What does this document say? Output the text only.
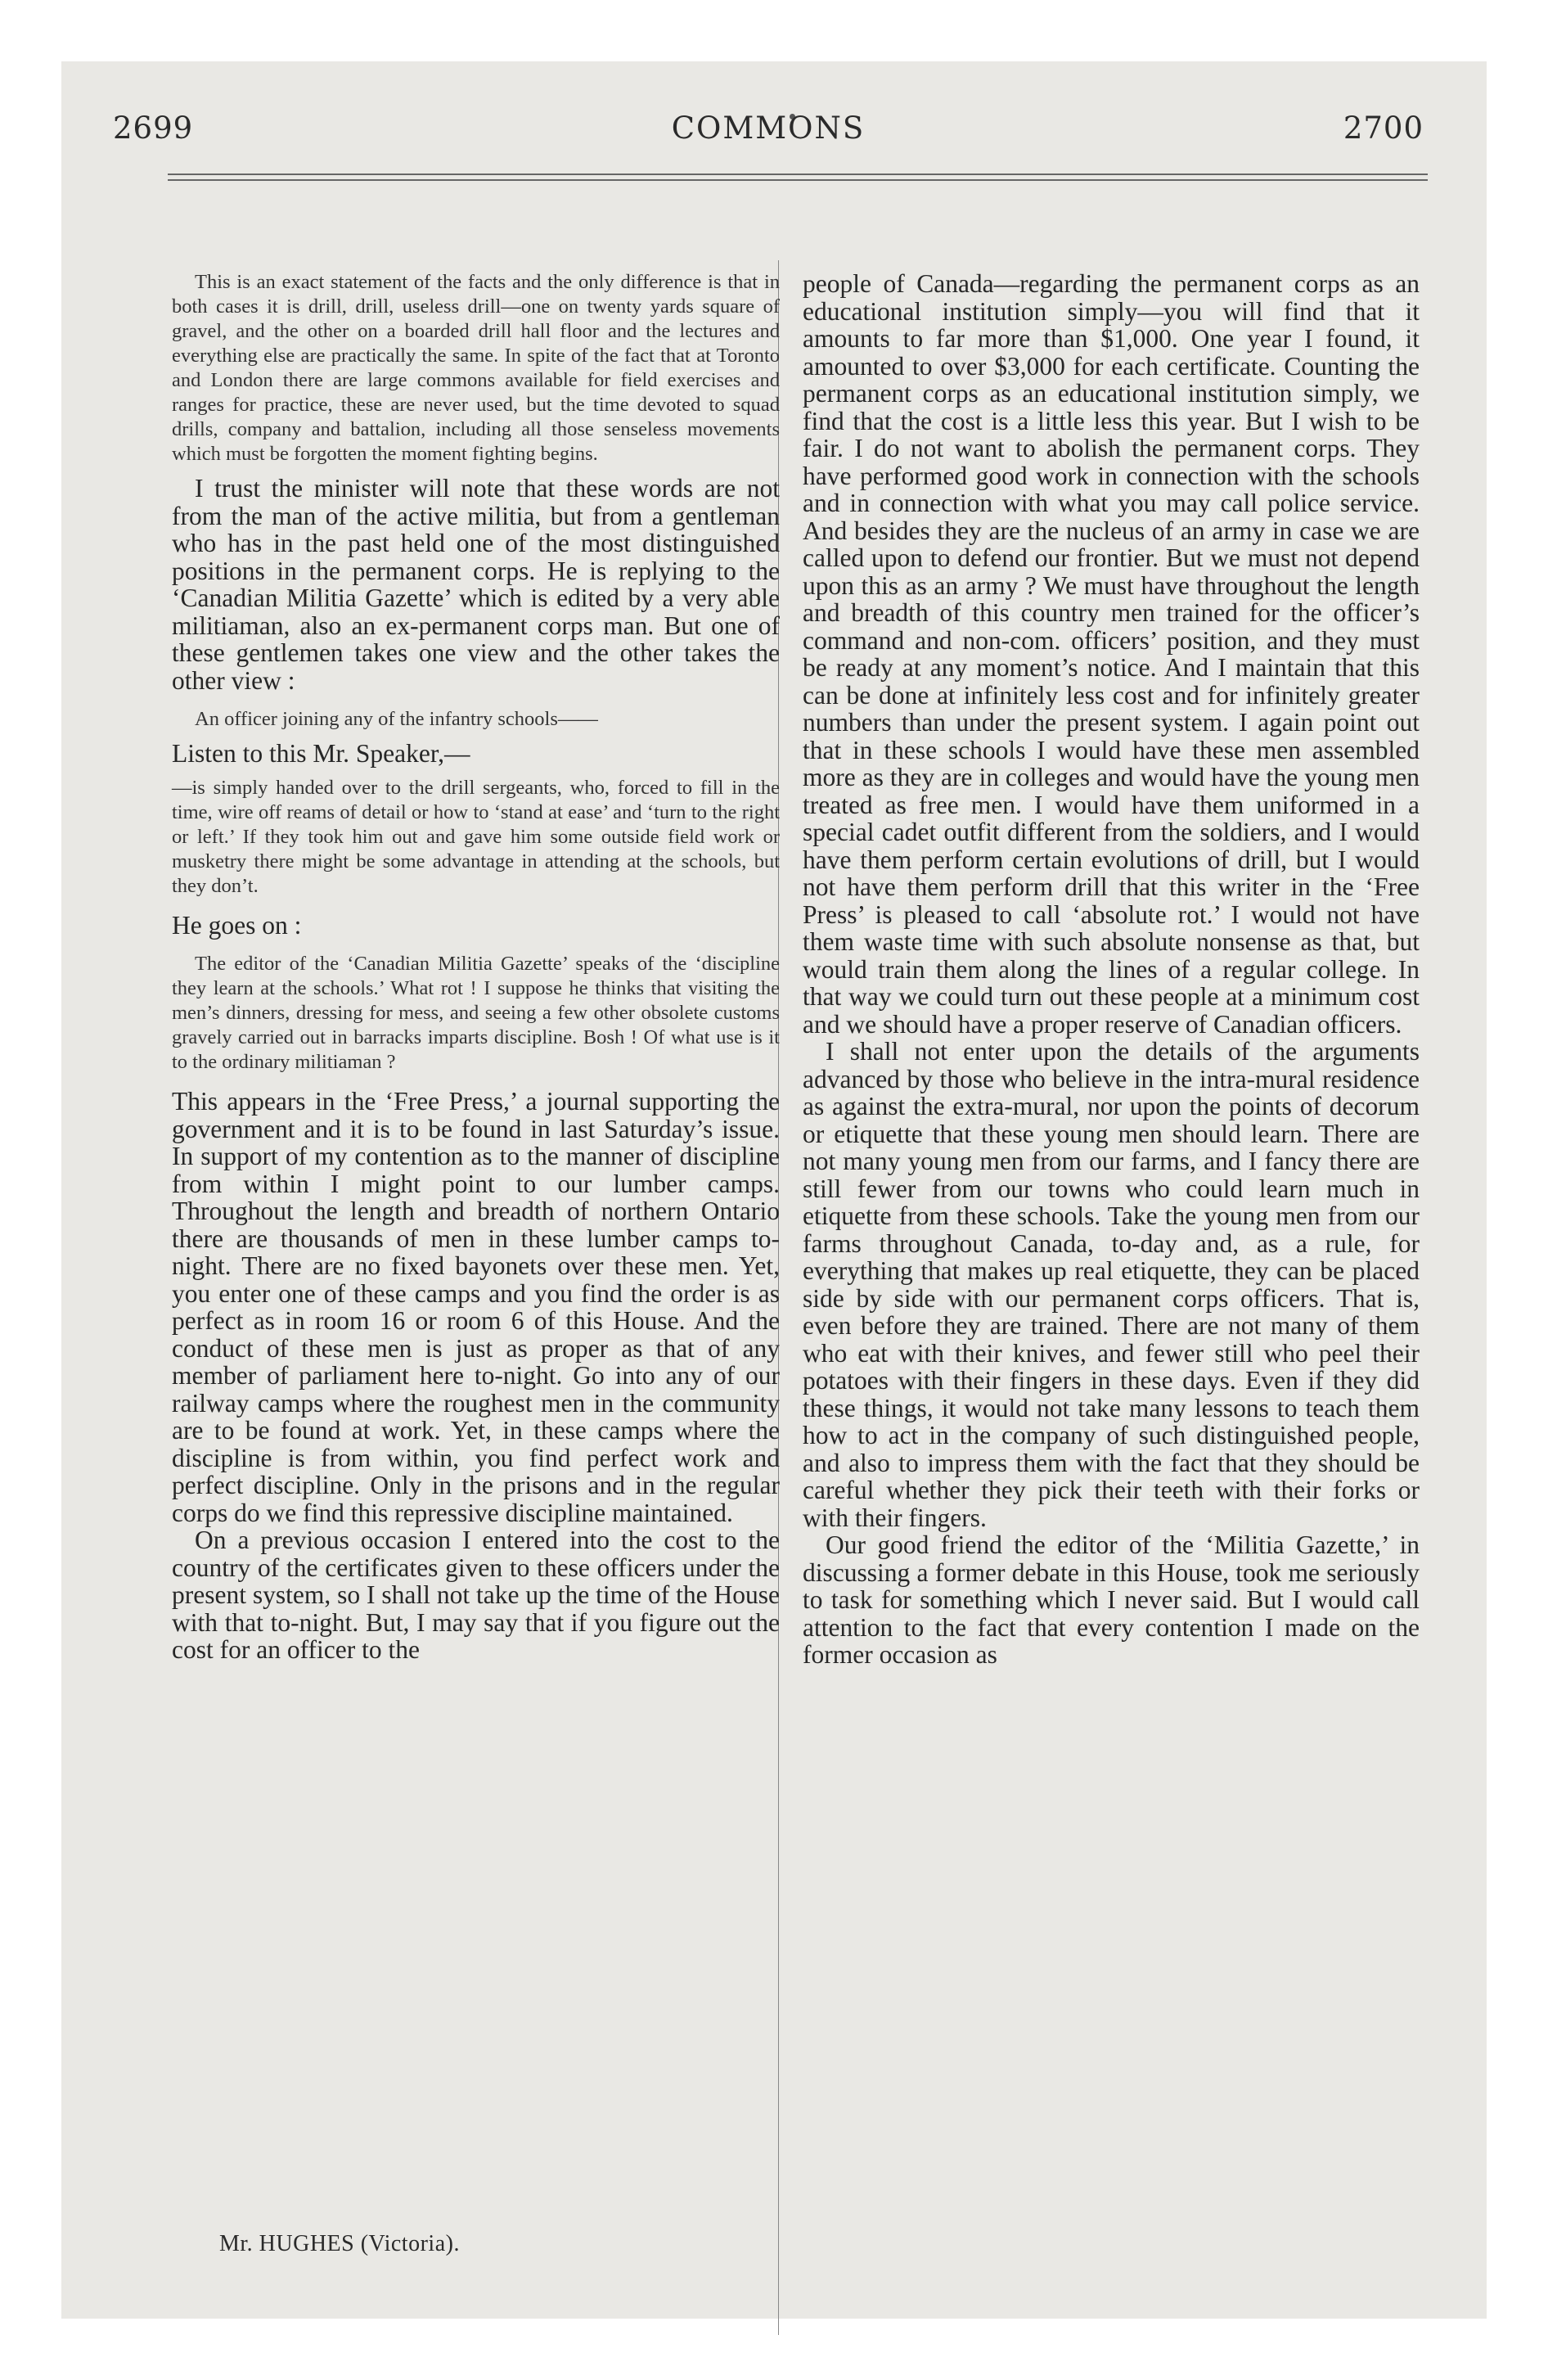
COMMONS
2699	2700

This is an exact statement of the facts and the only difference is that in both cases it is drill, drill, useless drill—one on twenty yards square of gravel, and the other on a boarded drill hall floor and the lectures and everything else are practically the same. In spite of the fact that at Toronto and London there are large commons available for field exercises and ranges for practice, these are never used, but the time devoted to squad drills, company and battalion, including all those senseless movements which must be forgotten the moment fighting begins.

I trust the minister will note that these words are not from the man of the active militia, but from a gentleman who has in the past held one of the most distinguished positions in the permanent corps. He is replying to the ‘Canadian Militia Gazette’ which is edited by a very able militiaman, also an ex-permanent corps man. But one of these gentlemen takes one view and the other takes the other view :

An officer joining any of the infantry schools——

Listen to this Mr. Speaker,—

—is simply handed over to the drill sergeants, who, forced to fill in the time, wire off reams of detail or how to ‘stand at ease’ and ‘turn to the right or left.’ If they took him out and gave him some outside field work or musketry there might be some advantage in attending at the schools, but they don’t.

He goes on :

The editor of the ‘Canadian Militia Gazette’ speaks of the ‘discipline they learn at the schools.’ What rot ! I suppose he thinks that visiting the men’s dinners, dressing for mess, and seeing a few other obsolete customs gravely carried out in barracks imparts discipline. Bosh ! Of what use is it to the ordinary militiaman ?

This appears in the ‘Free Press,’ a journal supporting the government and it is to be found in last Saturday’s issue. In support of my contention as to the manner of discipline from within I might point to our lumber camps. Throughout the length and breadth of northern Ontario there are thousands of men in these lumber camps to-night. There are no fixed bayonets over these men. Yet, you enter one of these camps and you find the order is as perfect as in room 16 or room 6 of this House. And the conduct of these men is just as proper as that of any member of parliament here to-night. Go into any of our railway camps where the roughest men in the community are to be found at work. Yet, in these camps where the discipline is from within, you find perfect work and perfect discipline. Only in the prisons and in the regular corps do we find this repressive discipline maintained.

On a previous occasion I entered into the cost to the country of the certificates given to these officers under the present system, so I shall not take up the time of the House with that to-night. But, I may say that if you figure out the cost for an officer to the

people of Canada—regarding the permanent corps as an educational institution simply—you will find that it amounts to far more than $1,000. One year I found, it amounted to over $3,000 for each certificate. Counting the permanent corps as an educational institution simply, we find that the cost is a little less this year. But I wish to be fair. I do not want to abolish the permanent corps. They have performed good work in connection with the schools and in connection with what you may call police service. And besides they are the nucleus of an army in case we are called upon to defend our frontier. But we must not depend upon this as an army ? We must have throughout the length and breadth of this country men trained for the officer’s command and non-com. officers’ position, and they must be ready at any moment’s notice. And I maintain that this can be done at infinitely less cost and for infinitely greater numbers than under the present system. I again point out that in these schools I would have these men assembled more as they are in colleges and would have the young men treated as free men. I would have them uniformed in a special cadet outfit different from the soldiers, and I would have them perform certain evolutions of drill, but I would not have them perform drill that this writer in the ‘Free Press’ is pleased to call ‘absolute rot.’ I would not have them waste time with such absolute nonsense as that, but would train them along the lines of a regular college. In that way we could turn out these people at a minimum cost and we should have a proper reserve of Canadian officers.

I shall not enter upon the details of the arguments advanced by those who believe in the intra-mural residence as against the extra-mural, nor upon the points of decorum or etiquette that these young men should learn. There are not many young men from our farms, and I fancy there are still fewer from our towns who could learn much in etiquette from these schools. Take the young men from our farms throughout Canada, to-day and, as a rule, for everything that makes up real etiquette, they can be placed side by side with our permanent corps officers. That is, even before they are trained. There are not many of them who eat with their knives, and fewer still who peel their potatoes with their fingers in these days. Even if they did these things, it would not take many lessons to teach them how to act in the company of such distinguished people, and also to impress them with the fact that they should be careful whether they pick their teeth with their forks or with their fingers.

Our good friend the editor of the ‘Militia Gazette,’ in discussing a former debate in this House, took me seriously to task for something which I never said. But I would call attention to the fact that every contention I made on the former occasion as

Mr. HUGHES (Victoria).
